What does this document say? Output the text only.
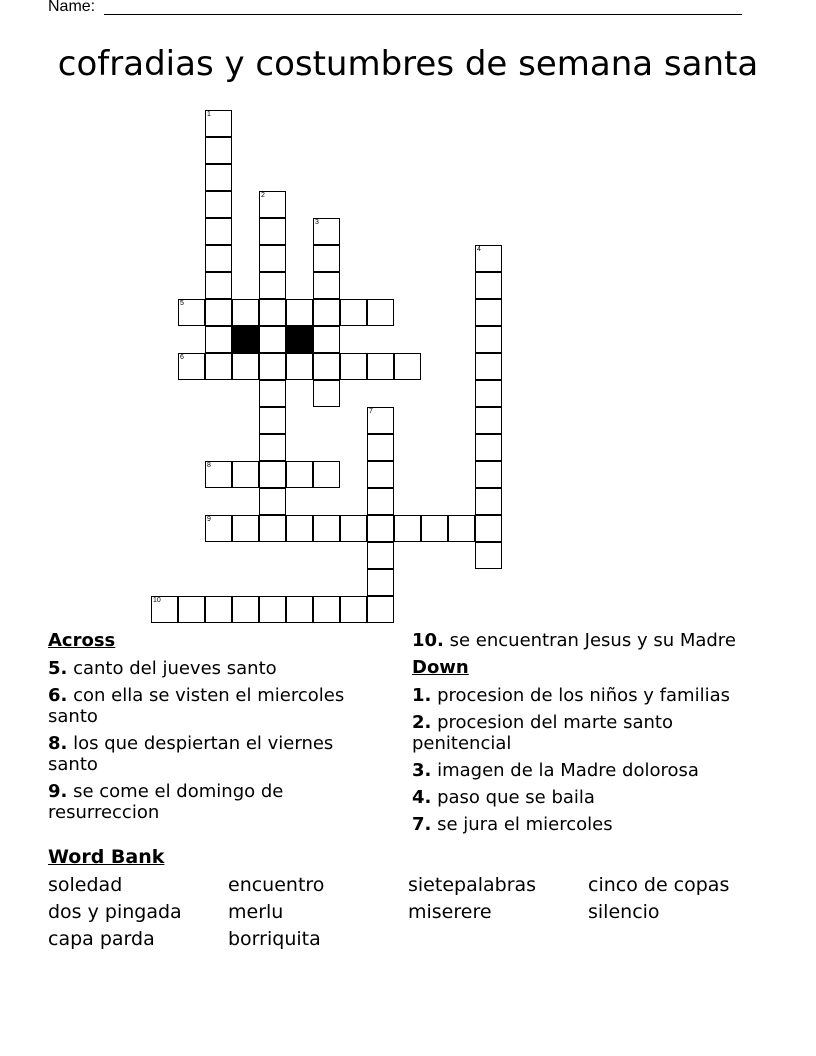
Name:
cofradias y costumbres de semana santa
1
2
3
4
5
6
7
8
9
10
Across
5. canto del jueves santo
6. con ella se visten el miercoles santo
8. los que despiertan el viernes santo
9. se come el domingo de resurreccion
10. se encuentran Jesus y su Madre
Down
1. procesion de los niños y familias
2. procesion del marte santo penitencial
3. imagen de la Madre dolorosa
4. paso que se baila
7. se jura el miercoles
Word Bank
soledad	encuentro	sietepalabras	cinco de copas
dos y pingada	merlu	miserere	silencio
capa parda	borriquita
